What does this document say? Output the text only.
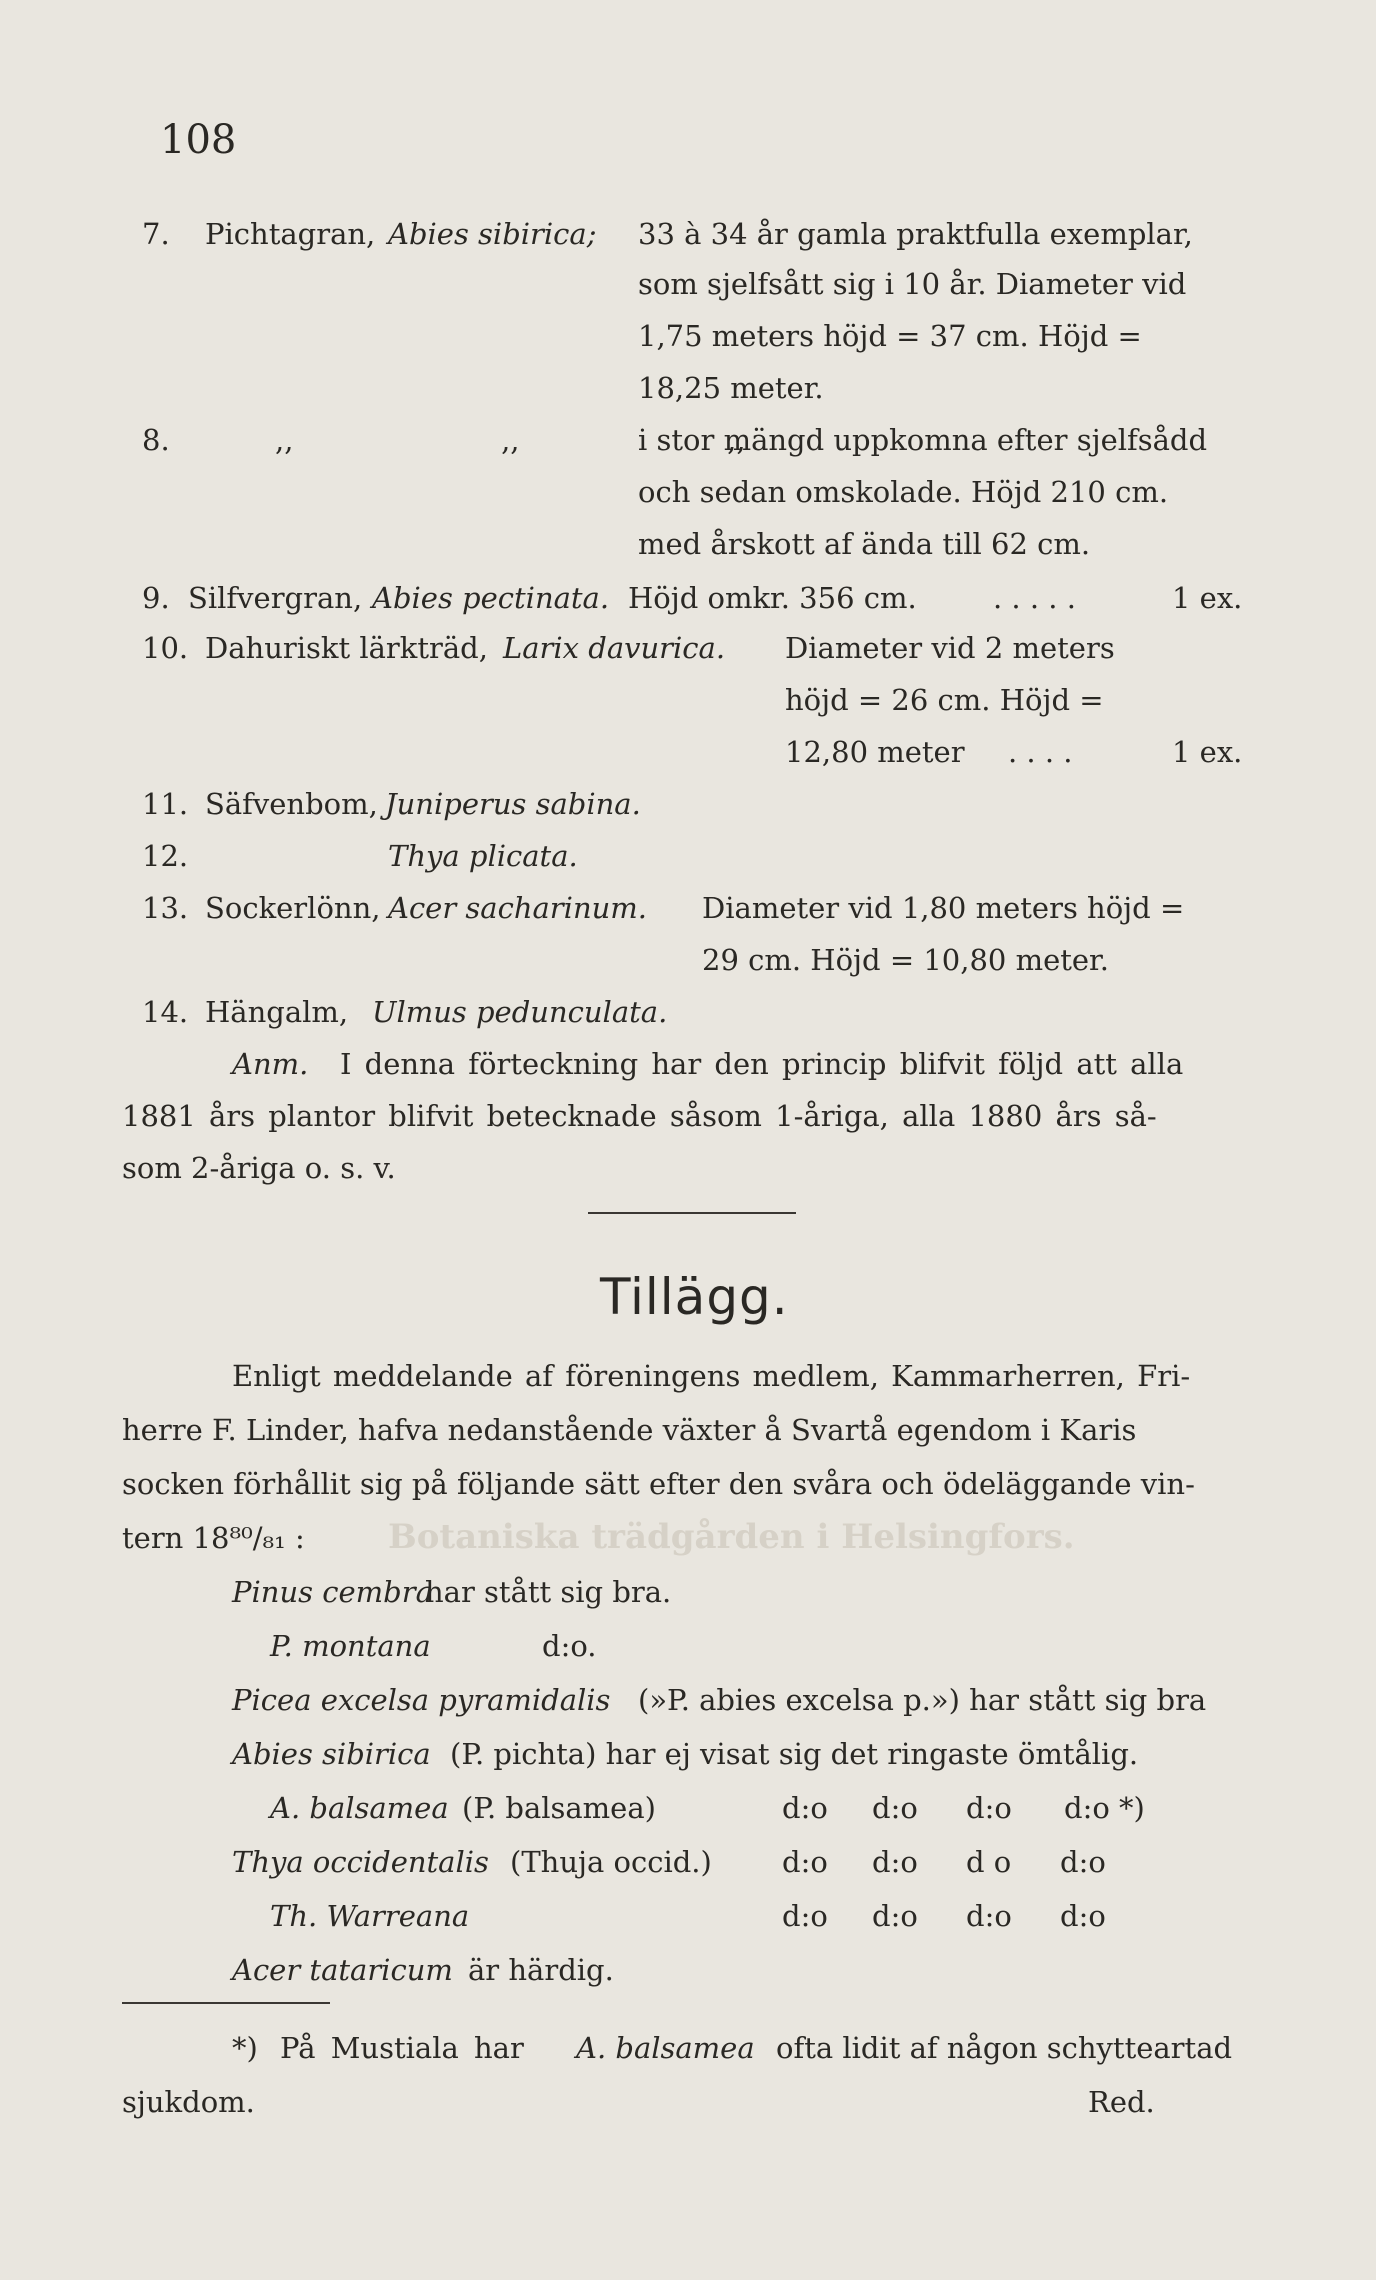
Botaniska trädgården i Helsingfors.
108
7. Pichtagran, Abies sibirica; 33 à 34 år gamla praktfulla exemplar,
som sjelfsått sig i 10 år. Diameter vid
1,75 meters höjd = 37 cm. Höjd =
18,25 meter.
8.	,,   ,,   ,,
i stor mängd uppkomna efter sjelfsådd
och sedan omskolade. Höjd 210 cm.
med årskott af ända till 62 cm.
9. Silfvergran, Abies pectinata. Höjd omkr. 356 cm.	. . . . .	1 ex.
10. Dahuriskt lärkträd, Larix davurica. Diameter vid 2 meters
höjd = 26 cm. Höjd =
12,80 meter . . . .	1 ex.
11. Säfvenbom, Juniperus sabina.
12.	Thya plicata.
13. Sockerlönn, Acer sacharinum. Diameter vid 1,80 meters höjd =
29 cm. Höjd = 10,80 meter.
14. Hängalm, Ulmus pedunculata.
Anm. I denna förteckning har den princip blifvit följd att alla
1881 års plantor blifvit betecknade såsom 1-åriga, alla 1880 års så-
som 2-åriga o. s. v.
Tillägg.
Enligt meddelande af föreningens medlem, Kammarherren, Fri-
herre F. Linder, hafva nedanstående växter å Svartå egendom i Karis
socken förhållit sig på följande sätt efter den svåra och ödeläggande vin-
tern 18⁸⁰/₈₁ :
Pinus cembra
har stått sig bra.
P. montana	d:o.
Picea excelsa pyramidalis (»P. abies excelsa p.») har stått sig bra
Abies sibirica (P. pichta) har ej visat sig det ringaste ömtålig.
A. balsamea (P. balsamea)	d:o d:o d:o d:o *)
Thya occidentalis (Thuja occid.) d:o d:o d o d:o
Th. Warreana	d:o d:o d:o d:o
Acer tataricum är härdig.
*) På Mustiala har A. balsamea ofta lidit af någon schytteartad
sjukdom.	Red.
